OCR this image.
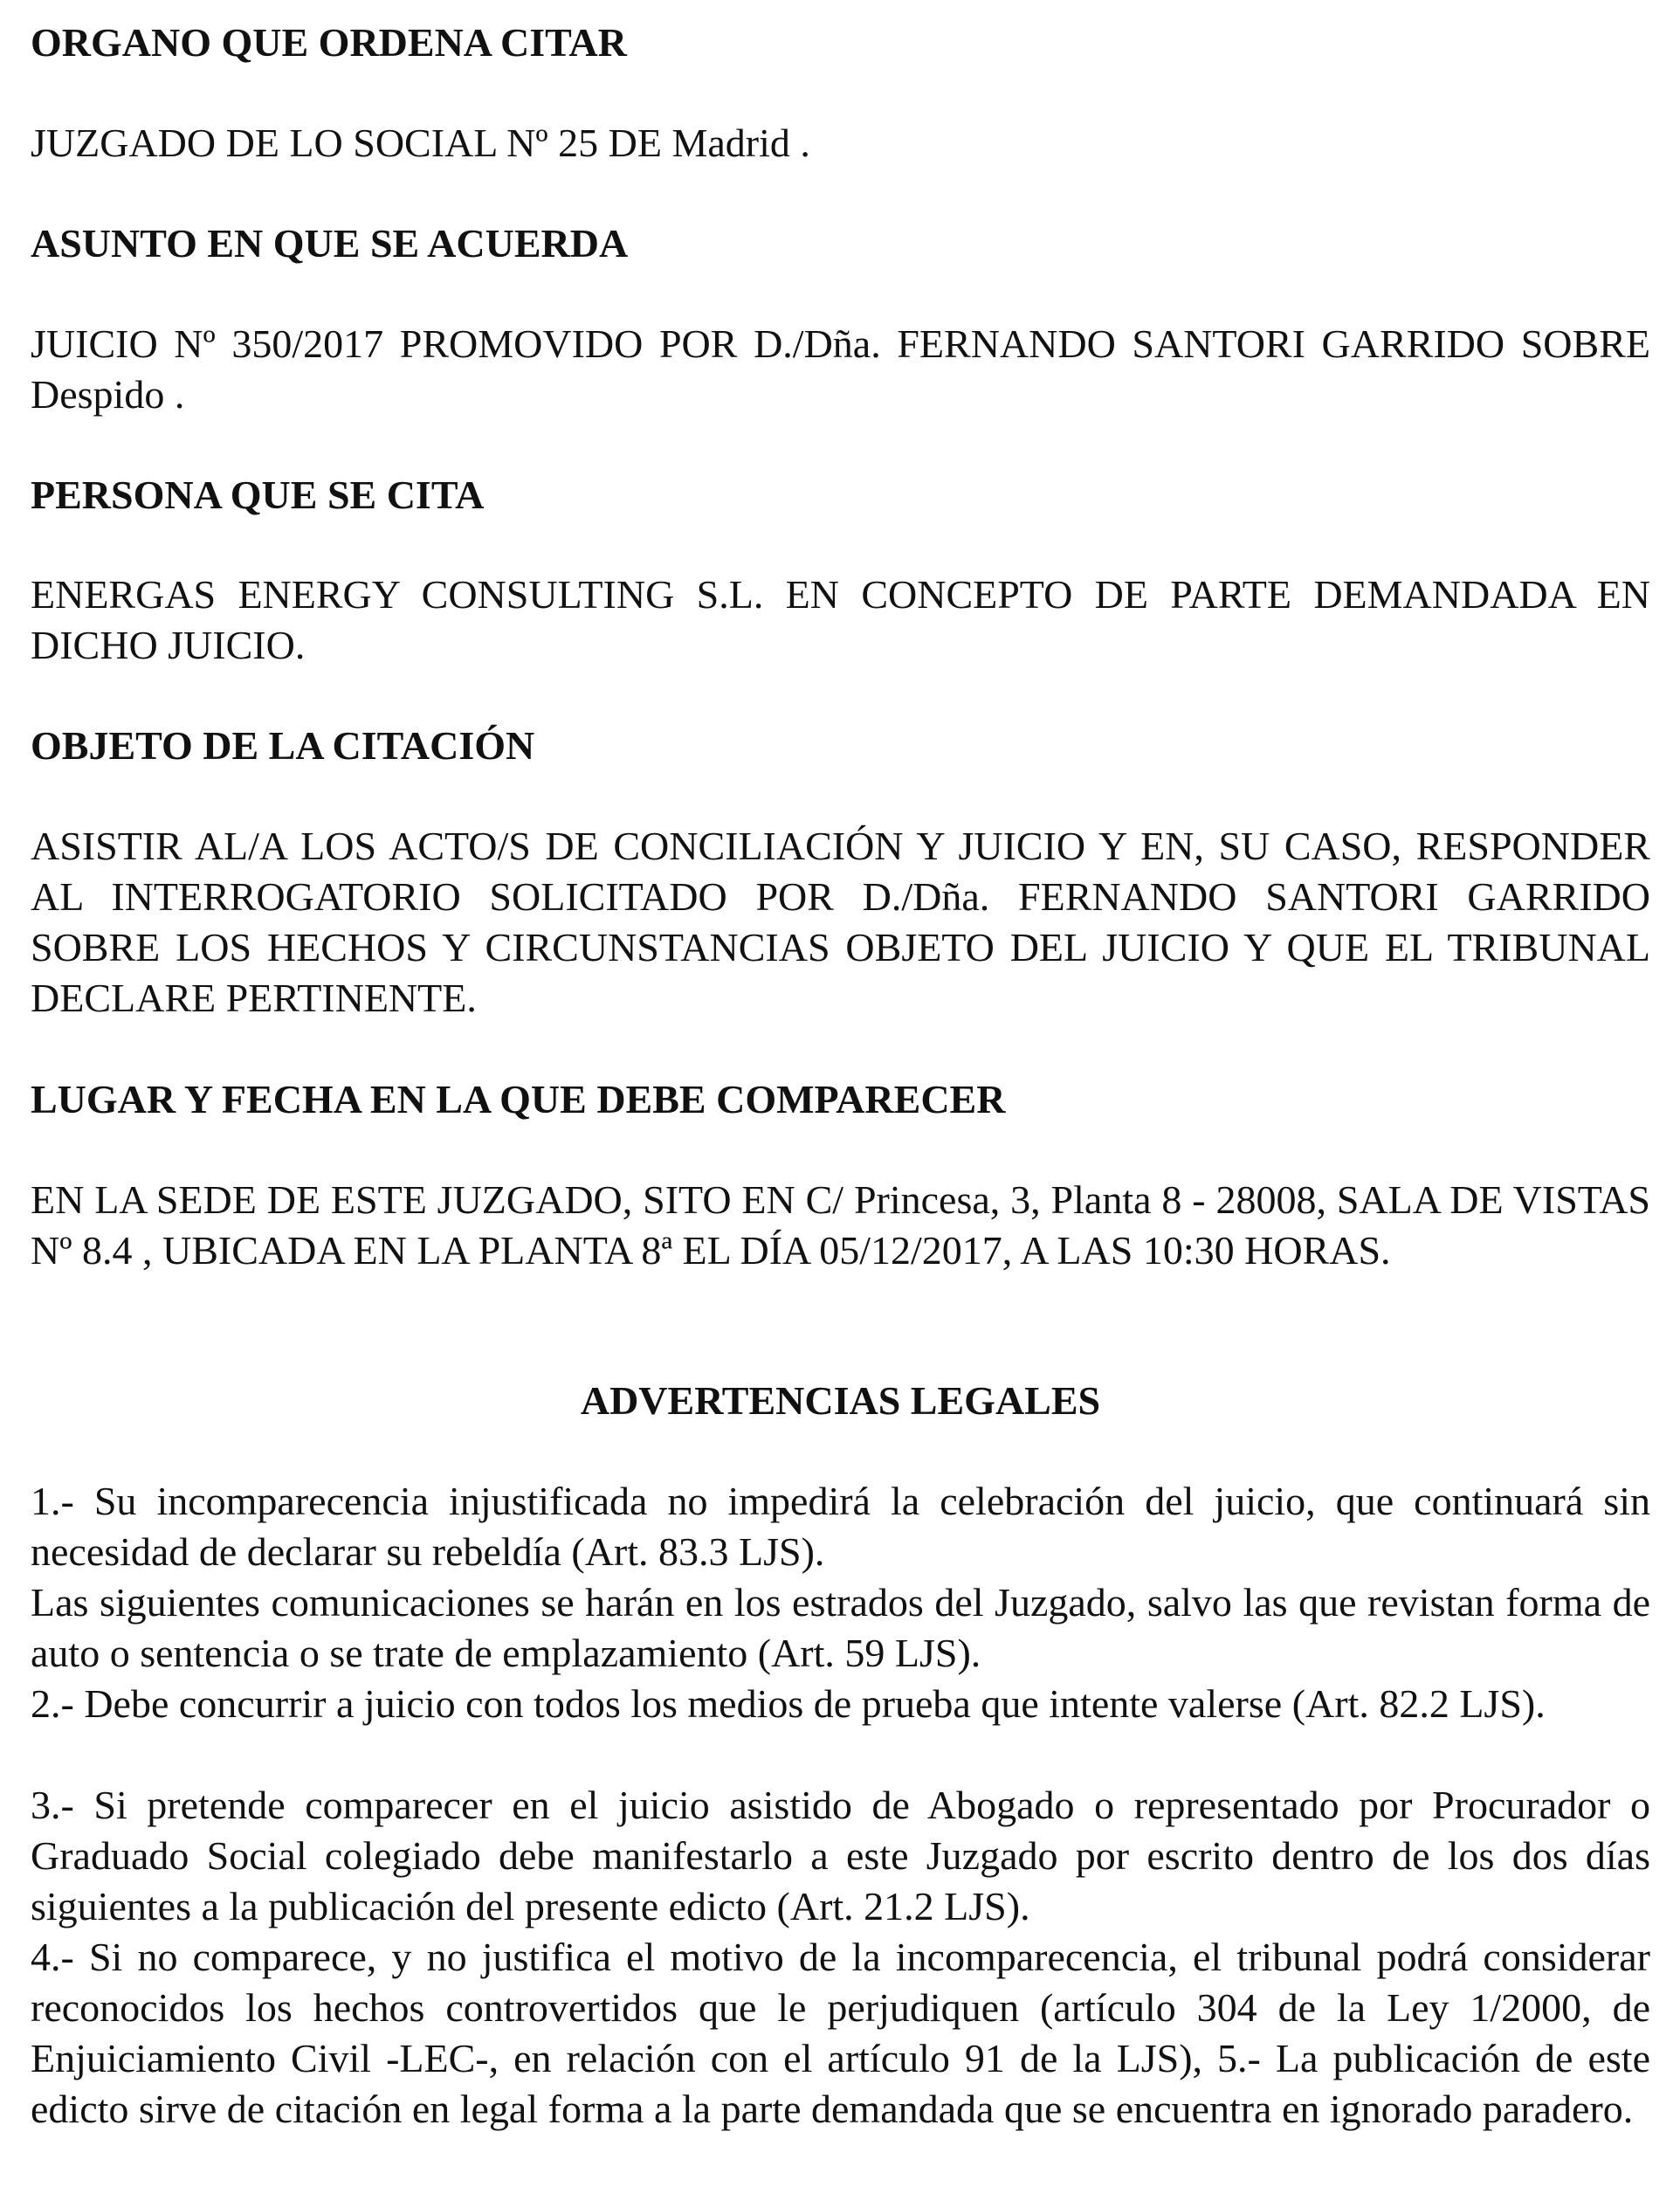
ORGANO QUE ORDENA CITAR

JUZGADO DE LO SOCIAL Nº 25 DE Madrid .

ASUNTO EN QUE SE ACUERDA

JUICIO Nº 350/2017 PROMOVIDO POR D./Dña. FERNANDO SANTORI GARRIDO SOBRE Despido .

PERSONA QUE SE CITA

ENERGAS ENERGY CONSULTING S.L. EN CONCEPTO DE PARTE DEMANDADA EN DICHO JUICIO.

OBJETO DE LA CITACIÓN

ASISTIR AL/A LOS ACTO/S DE CONCILIACIÓN Y JUICIO Y EN, SU CASO, RESPONDER AL INTERROGATORIO SOLICITADO POR D./Dña. FERNANDO SANTORI GARRIDO SOBRE LOS HECHOS Y CIRCUNSTANCIAS OBJETO DEL JUICIO Y QUE EL TRIBUNAL DECLARE PERTINENTE.

LUGAR Y FECHA EN LA QUE DEBE COMPARECER

EN LA SEDE DE ESTE JUZGADO, SITO EN C/ Princesa, 3, Planta 8 - 28008, SALA DE VISTAS Nº 8.4 , UBICADA EN LA PLANTA 8ª EL DÍA 05/12/2017, A LAS 10:30 HORAS.

ADVERTENCIAS LEGALES

1.- Su incomparecencia injustificada no impedirá la celebración del juicio, que continuará sin necesidad de declarar su rebeldía (Art. 83.3 LJS).

Las siguientes comunicaciones se harán en los estrados del Juzgado, salvo las que revistan forma de auto o sentencia o se trate de emplazamiento (Art. 59 LJS).

2.- Debe concurrir a juicio con todos los medios de prueba que intente valerse (Art. 82.2 LJS).

3.- Si pretende comparecer en el juicio asistido de Abogado o representado por Procurador o Graduado Social colegiado debe manifestarlo a este Juzgado por escrito dentro de los dos días siguientes a la publicación del presente edicto (Art. 21.2 LJS).

4.- Si no comparece, y no justifica el motivo de la incomparecencia, el tribunal podrá considerar reconocidos los hechos controvertidos que le perjudiquen (artículo 304 de la Ley 1/2000, de Enjuiciamiento Civil -LEC-, en relación con el artículo 91 de la LJS), 5.- La publicación de este edicto sirve de citación en legal forma a la parte demandada que se encuentra en ignorado paradero.
